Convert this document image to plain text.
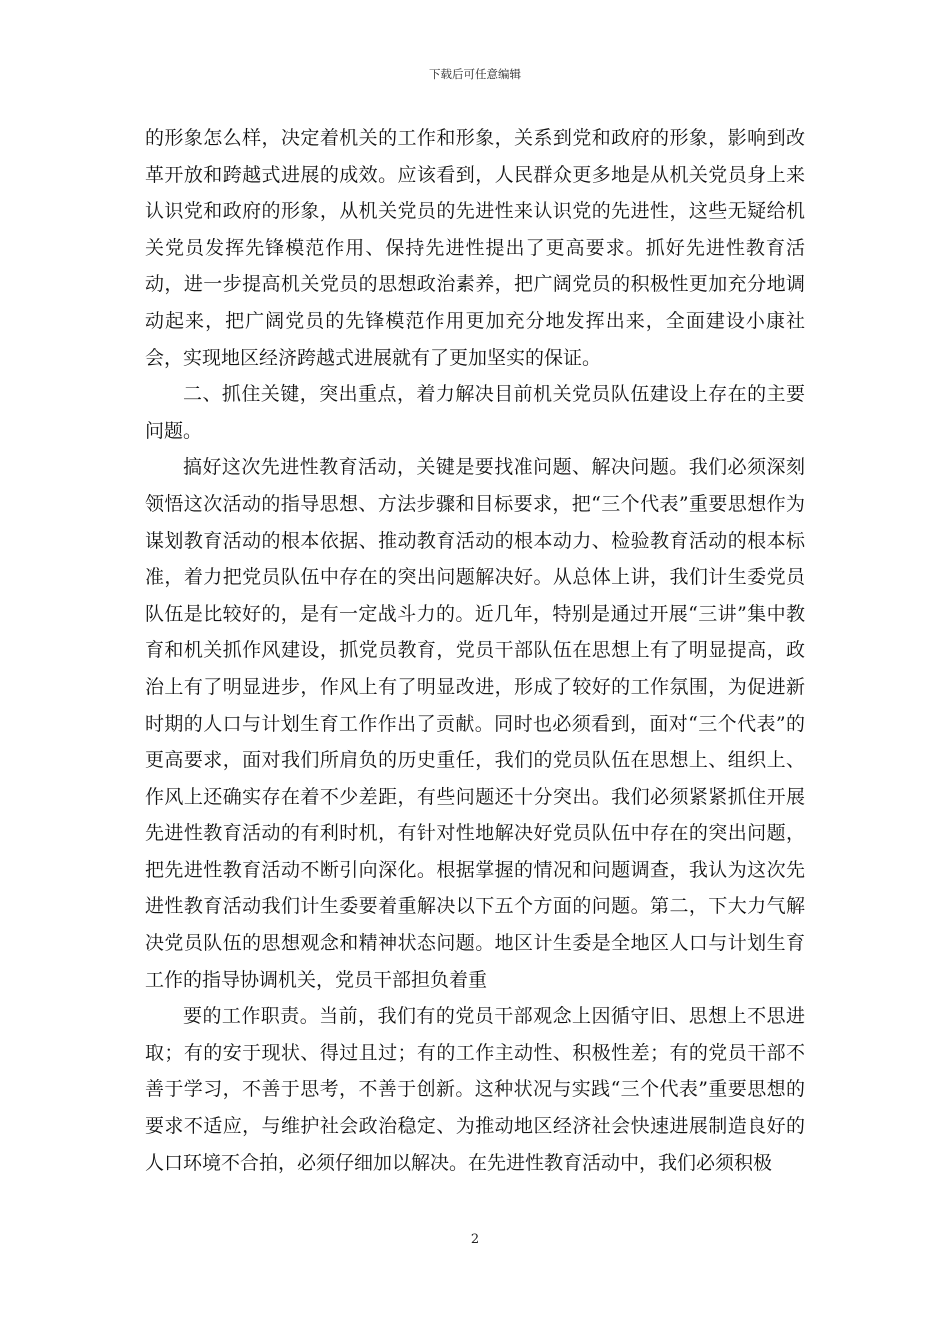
下载后可任意编辑

的形象怎么样，决定着机关的工作和形象，关系到党和政府的形象，影响到改革开放和跨越式进展的成效。应该看到，人民群众更多地是从机关党员身上来认识党和政府的形象，从机关党员的先进性来认识党的先进性，这些无疑给机关党员发挥先锋模范作用、保持先进性提出了更高要求。抓好先进性教育活动，进一步提高机关党员的思想政治素养，把广阔党员的积极性更加充分地调动起来，把广阔党员的先锋模范作用更加充分地发挥出来，全面建设小康社会，实现地区经济跨越式进展就有了更加坚实的保证。

二、抓住关键，突出重点，着力解决目前机关党员队伍建设上存在的主要问题。

搞好这次先进性教育活动，关键是要找准问题、解决问题。我们必须深刻领悟这次活动的指导思想、方法步骤和目标要求，把“三个代表”重要思想作为谋划教育活动的根本依据、推动教育活动的根本动力、检验教育活动的根本标准，着力把党员队伍中存在的突出问题解决好。从总体上讲，我们计生委党员队伍是比较好的，是有一定战斗力的。近几年，特别是通过开展“三讲”集中教育和机关抓作风建设，抓党员教育，党员干部队伍在思想上有了明显提高，政治上有了明显进步，作风上有了明显改进，形成了较好的工作氛围，为促进新时期的人口与计划生育工作作出了贡献。同时也必须看到，面对“三个代表”的更高要求，面对我们所肩负的历史重任，我们的党员队伍在思想上、组织上、作风上还确实存在着不少差距，有些问题还十分突出。我们必须紧紧抓住开展先进性教育活动的有利时机，有针对性地解决好党员队伍中存在的突出问题，把先进性教育活动不断引向深化。根据掌握的情况和问题调查，我认为这次先进性教育活动我们计生委要着重解决以下五个方面的问题。第二，下大力气解决党员队伍的思想观念和精神状态问题。地区计生委是全地区人口与计划生育工作的指导协调机关，党员干部担负着重

要的工作职责。当前，我们有的党员干部观念上因循守旧、思想上不思进取；有的安于现状、得过且过；有的工作主动性、积极性差；有的党员干部不善于学习，不善于思考，不善于创新。这种状况与实践“三个代表”重要思想的要求不适应，与维护社会政治稳定、为推动地区经济社会快速进展制造良好的人口环境不合拍，必须仔细加以解决。在先进性教育活动中，我们必须积极

2
